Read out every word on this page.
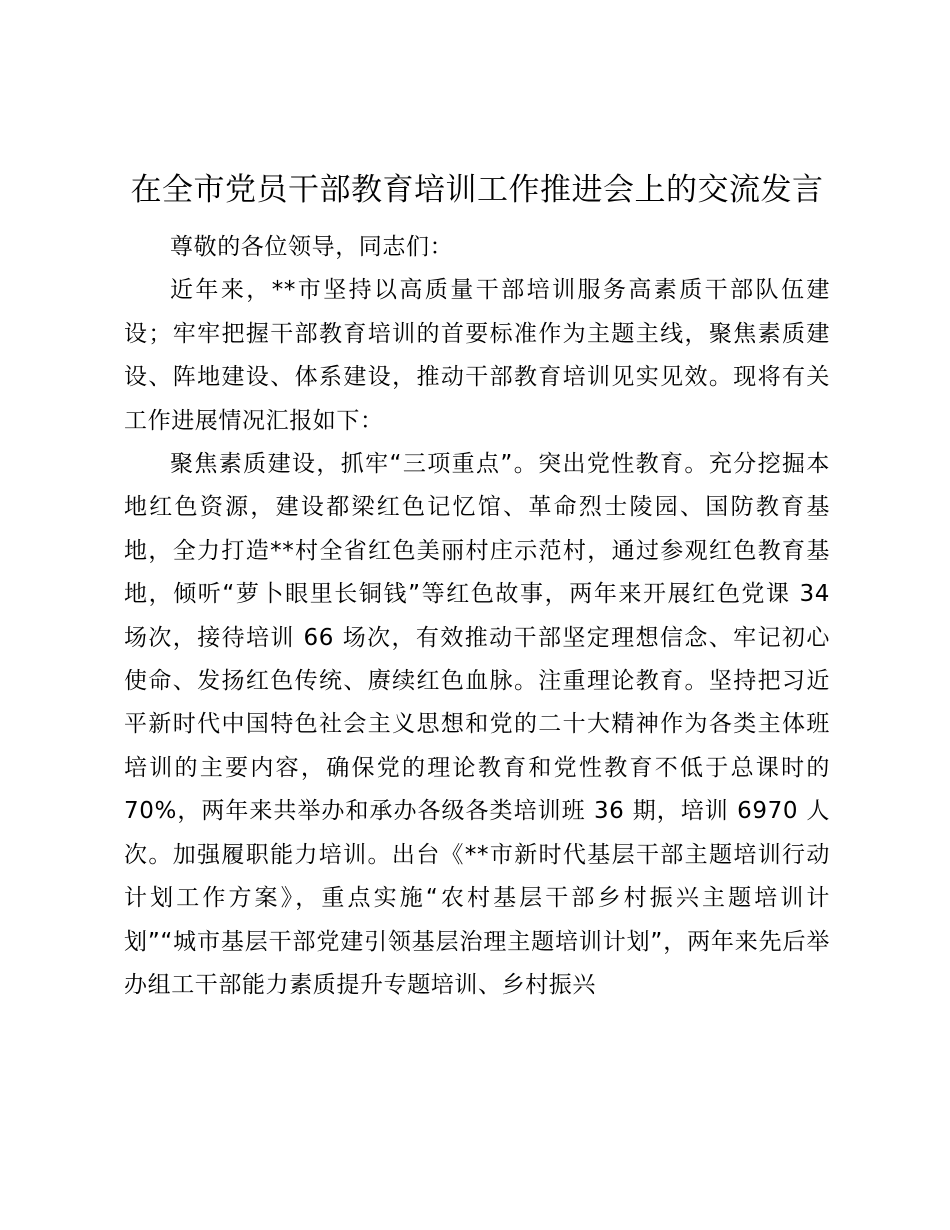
在全市党员干部教育培训工作推进会上的交流发言

尊敬的各位领导，同志们：

近年来，**市坚持以高质量干部培训服务高素质干部队伍建设；牢牢把握干部教育培训的首要标准作为主题主线，聚焦素质建设、阵地建设、体系建设，推动干部教育培训见实见效。现将有关工作进展情况汇报如下：

聚焦素质建设，抓牢“三项重点”。突出党性教育。充分挖掘本地红色资源，建设都梁红色记忆馆、革命烈士陵园、国防教育基地，全力打造**村全省红色美丽村庄示范村，通过参观红色教育基地，倾听“萝卜眼里长铜钱”等红色故事，两年来开展红色党课 34 场次，接待培训 66 场次，有效推动干部坚定理想信念、牢记初心使命、发扬红色传统、赓续红色血脉。注重理论教育。坚持把习近平新时代中国特色社会主义思想和党的二十大精神作为各类主体班培训的主要内容，确保党的理论教育和党性教育不低于总课时的 70%，两年来共举办和承办各级各类培训班 36 期，培训 6970 人次。加强履职能力培训。出台《**市新时代基层干部主题培训行动计划工作方案》，重点实施“农村基层干部乡村振兴主题培训计划”“城市基层干部党建引领基层治理主题培训计划”，两年来先后举办组工干部能力素质提升专题培训、乡村振兴
